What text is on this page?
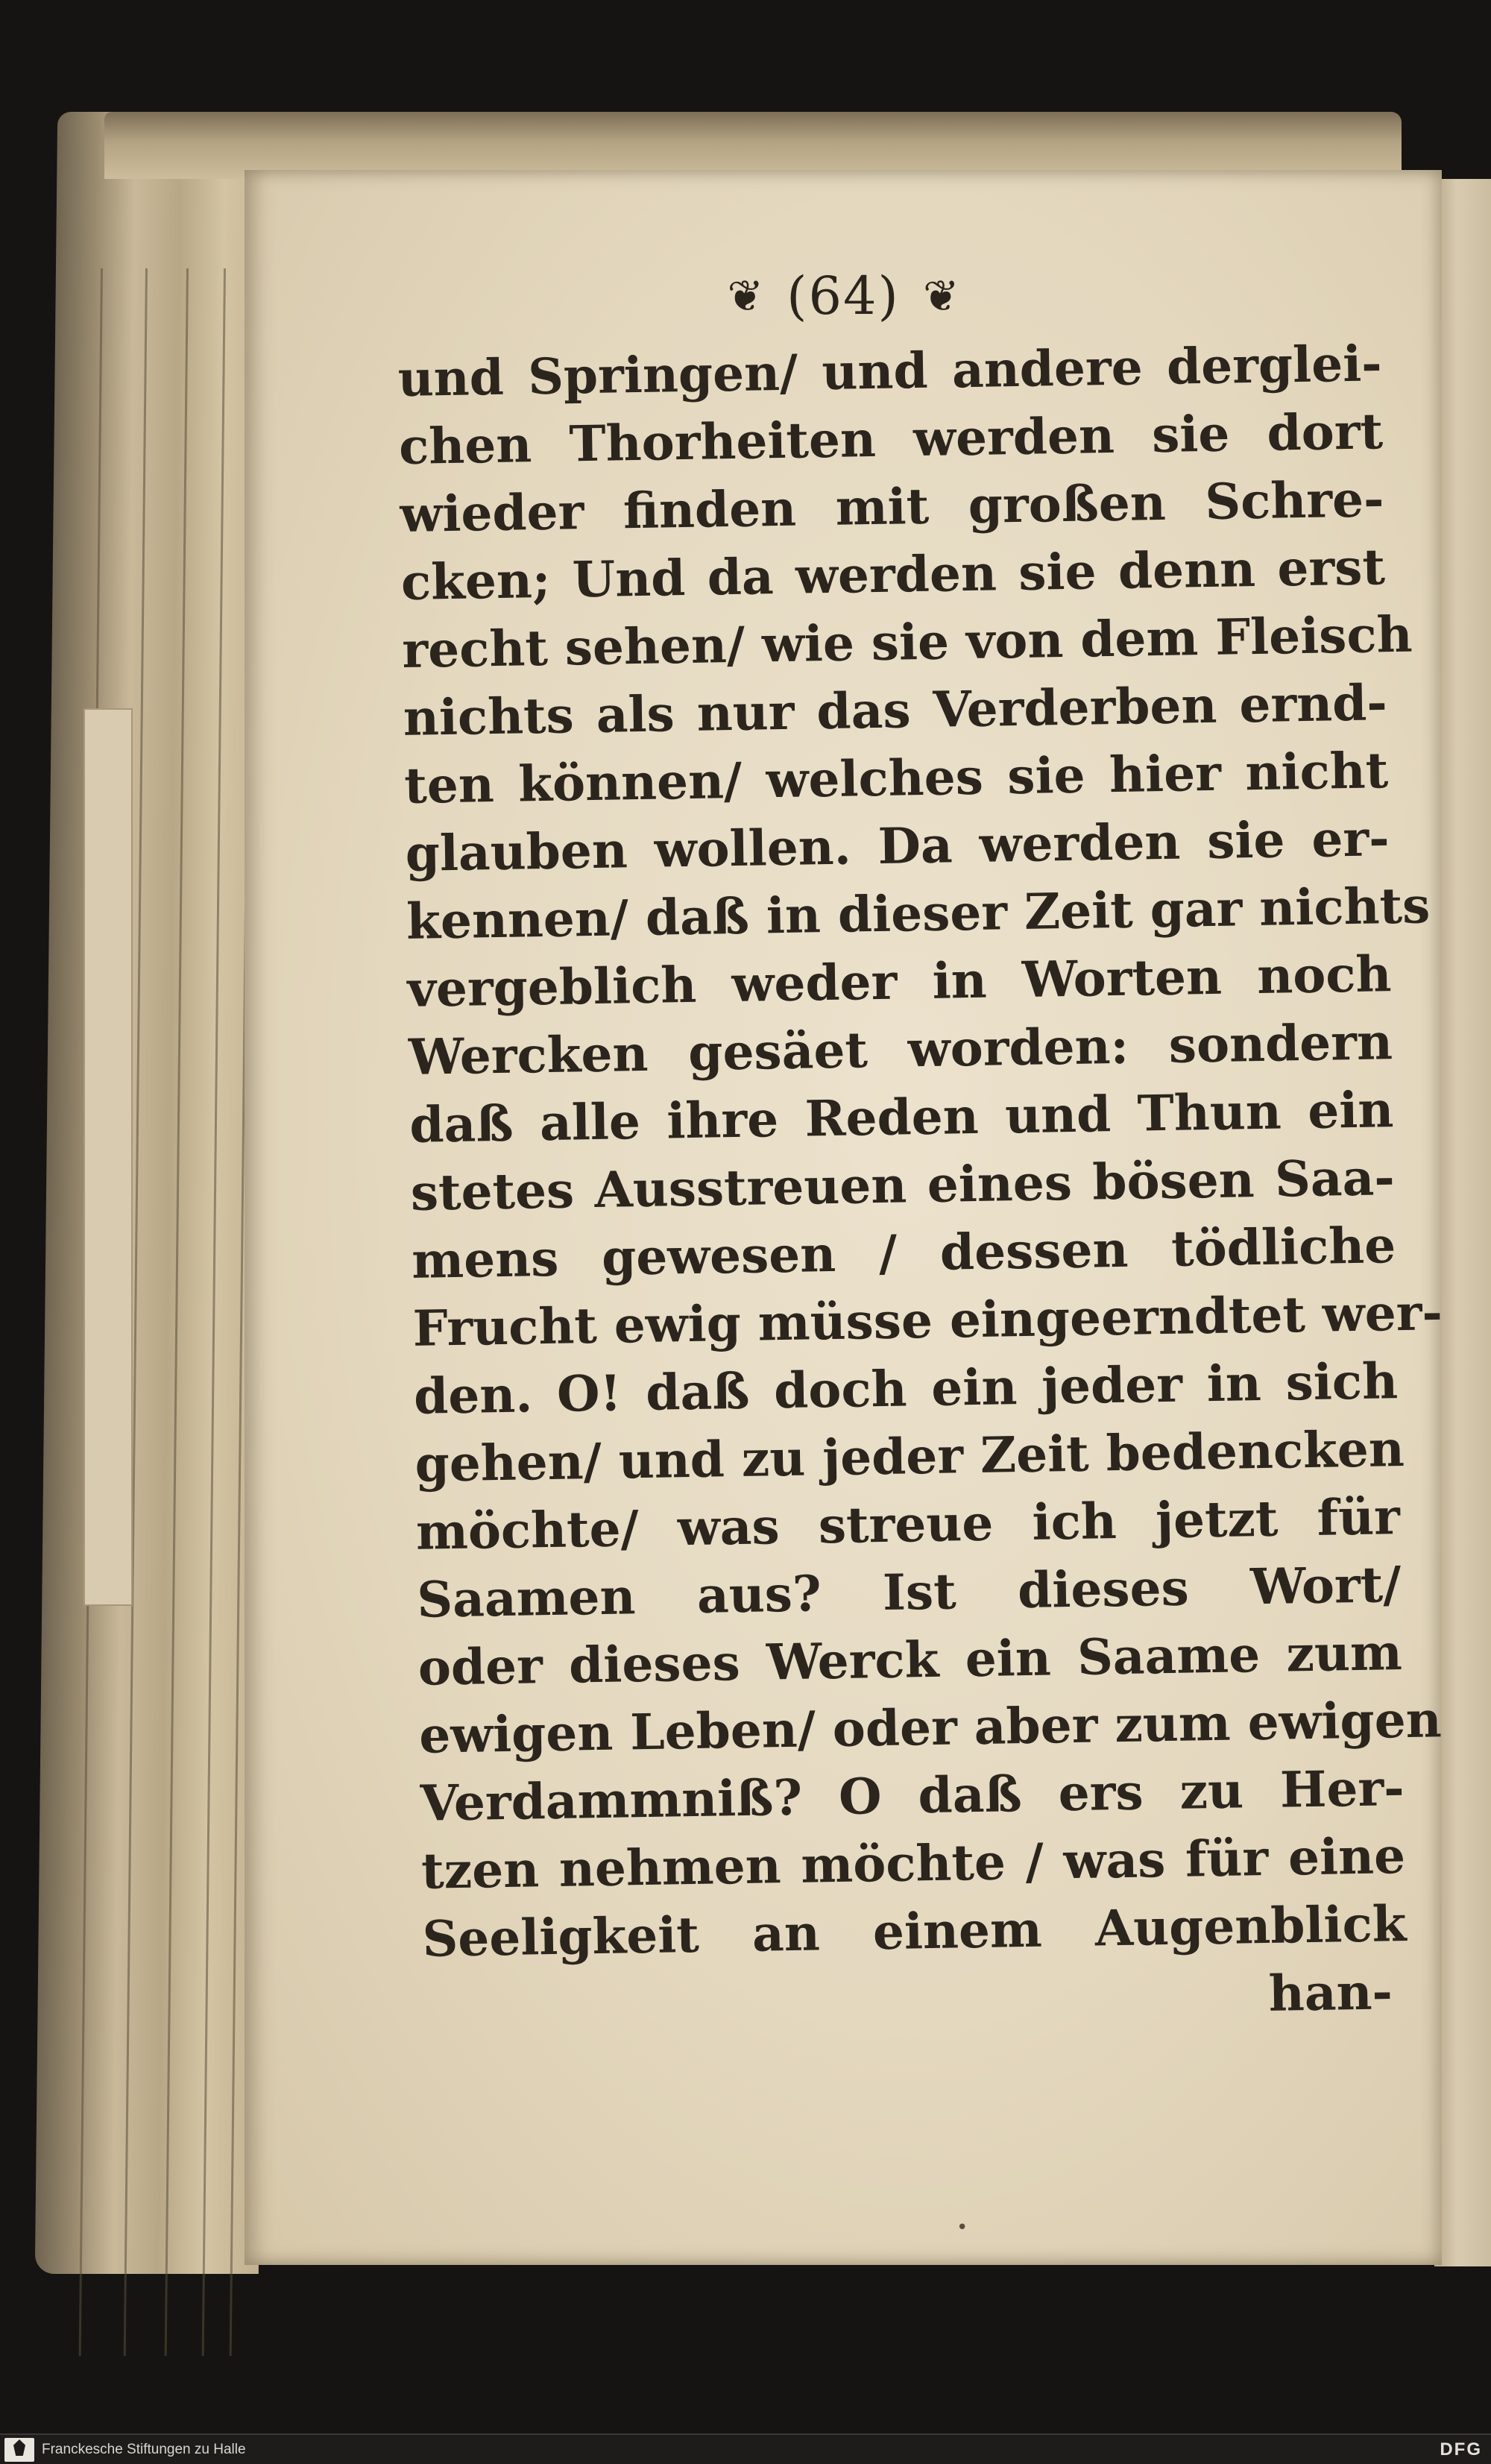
❦ (64) ❦
und Springen/ und andere derglei-
chen Thorheiten werden sie dort
wieder finden mit großen Schre-
cken; Und da werden sie denn erst
recht sehen/ wie sie von dem Fleisch
nichts als nur das Verderben ernd-
ten können/ welches sie hier nicht
glauben wollen. Da werden sie er-
kennen/ daß in dieser Zeit gar nichts
vergeblich weder in Worten noch
Wercken gesäet worden: sondern
daß alle ihre Reden und Thun ein
stetes Ausstreuen eines bösen Saa-
mens gewesen / dessen tödliche
Frucht ewig müsse eingeerndtet wer-
den. O! daß doch ein jeder in sich
gehen/ und zu jeder Zeit bedencken
möchte/ was streue ich jetzt für
Saamen aus? Ist dieses Wort/
oder dieses Werck ein Saame zum
ewigen Leben/ oder aber zum ewigen
Verdammniß? O daß ers zu Her-
tzen nehmen möchte / was für eine
Seeligkeit an einem Augenblick
han-
•
Franckesche Stiftungen zu Halle	DFG
